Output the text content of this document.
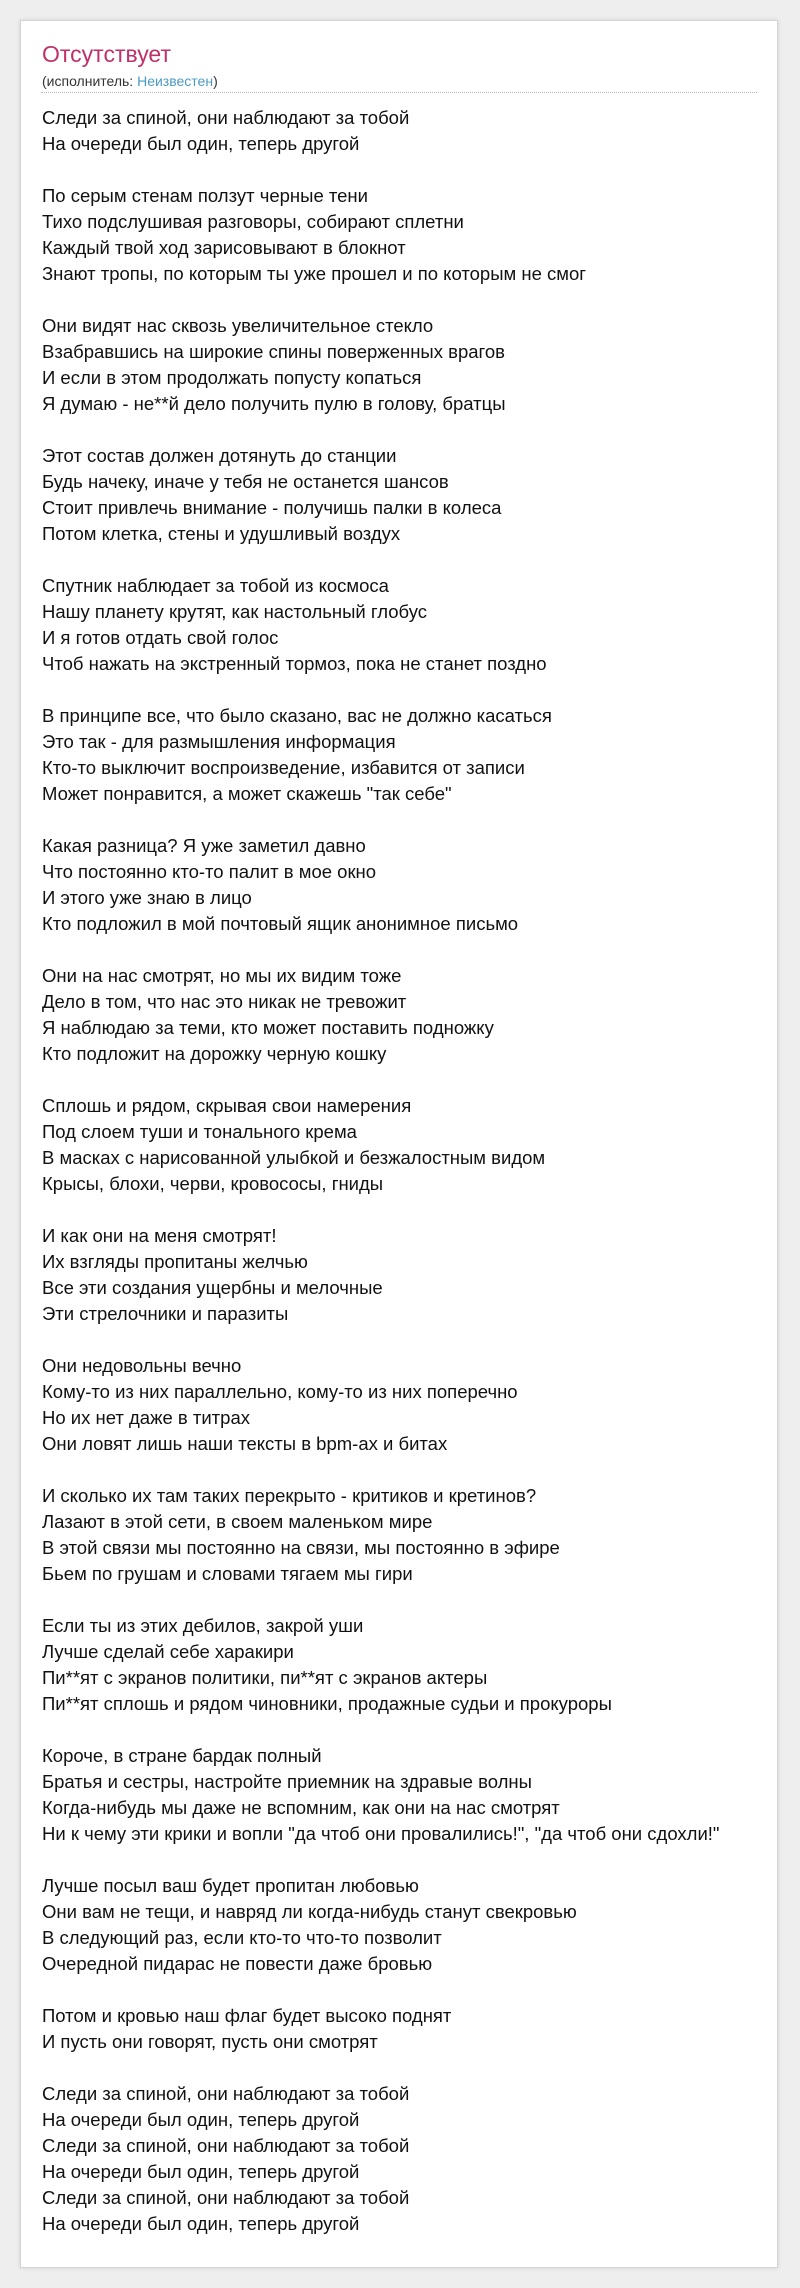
Отсутствует
(исполнитель: Неизвестен)
Следи за спиной, они наблюдают за тобой
На очереди был один, теперь другой
По серым стенам ползут черные тени
Тихо подслушивая разговоры, собирают сплетни
Каждый твой ход зарисовывают в блокнот
Знают тропы, по которым ты уже прошел и по которым не смог
Они видят нас сквозь увеличительное стекло
Взабравшись на широкие спины поверженных врагов
И если в этом продолжать попусту копаться
Я думаю - не**й дело получить пулю в голову, братцы
Этот состав должен дотянуть до станции
Будь начеку, иначе у тебя не останется шансов
Стоит привлечь внимание - получишь палки в колеса
Потом клетка, стены и удушливый воздух
Спутник наблюдает за тобой из космоса
Нашу планету крутят, как настольный глобус
И я готов отдать свой голос
Чтоб нажать на экстренный тормоз, пока не станет поздно
В принципе все, что было сказано, вас не должно касаться
Это так - для размышления информация
Кто-то выключит воспроизведение, избавится от записи
Может понравится, а может скажешь "так себе"
Какая разница? Я уже заметил давно
Что постоянно кто-то палит в мое окно
И этого уже знаю в лицо
Кто подложил в мой почтовый ящик анонимное письмо
Они на нас смотрят, но мы их видим тоже
Дело в том, что нас это никак не тревожит
Я наблюдаю за теми, кто может поставить подножку
Кто подложит на дорожку черную кошку
Сплошь и рядом, скрывая свои намерения
Под слоем туши и тонального крема
В масках с нарисованной улыбкой и безжалостным видом
Крысы, блохи, черви, кровососы, гниды
И как они на меня смотрят!
Их взгляды пропитаны желчью
Все эти создания ущербны и мелочные
Эти стрелочники и паразиты
Они недовольны вечно
Кому-то из них параллельно, кому-то из них поперечно
Но их нет даже в титрах
Они ловят лишь наши тексты в bpm-ах и битах
И сколько их там таких перекрыто - критиков и кретинов?
Лазают в этой сети, в своем маленьком мире
В этой связи мы постоянно на связи, мы постоянно в эфире
Бьем по грушам и словами тягаем мы гири
Если ты из этих дебилов, закрой уши
Лучше сделай себе харакири
Пи**ят с экранов политики, пи**ят с экранов актеры
Пи**ят сплошь и рядом чиновники, продажные судьи и прокуроры
Короче, в стране бардак полный
Братья и сестры, настройте приемник на здравые волны
Когда-нибудь мы даже не вспомним, как они на нас смотрят
Ни к чему эти крики и вопли "да чтоб они провалились!", "да чтоб они сдохли!"
Лучше посыл ваш будет пропитан любовью
Они вам не тещи, и навряд ли когда-нибудь станут свекровью
В следующий раз, если кто-то что-то позволит
Очередной пидарас не повести даже бровью
Потом и кровью наш флаг будет высоко поднят
И пусть они говорят, пусть они смотрят
Следи за спиной, они наблюдают за тобой
На очереди был один, теперь другой
Следи за спиной, они наблюдают за тобой
На очереди был один, теперь другой
Следи за спиной, они наблюдают за тобой
На очереди был один, теперь другой
